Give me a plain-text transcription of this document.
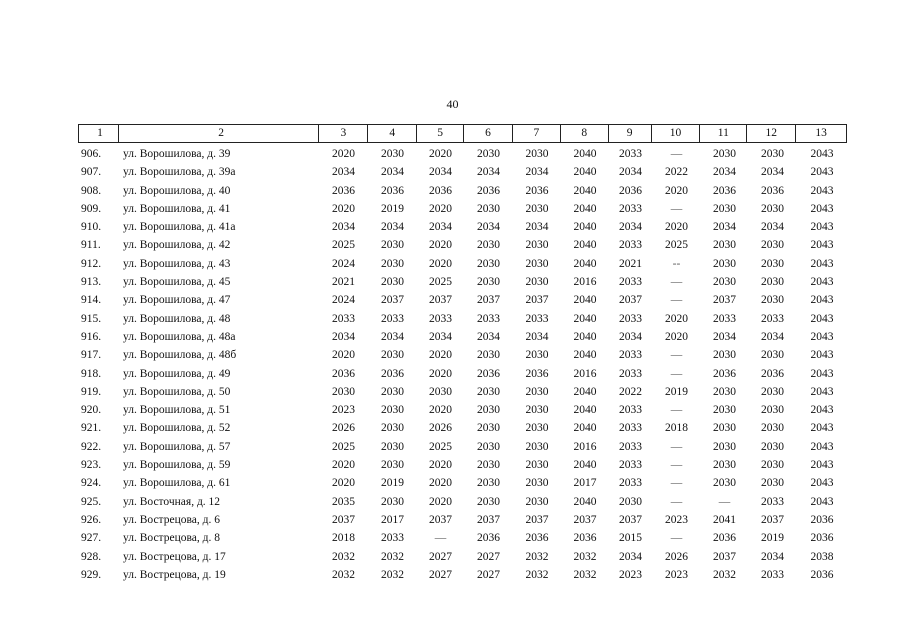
40
1	2	3	4	5	6	7	8	9	10	11	12	13
906.	ул. Ворошилова, д. 39	2020	2030	2020	2030	2030	2040	2033	—	2030	2030	2043
907.	ул. Ворошилова, д. 39а	2034	2034	2034	2034	2034	2040	2034	2022	2034	2034	2043
908.	ул. Ворошилова, д. 40	2036	2036	2036	2036	2036	2040	2036	2020	2036	2036	2043
909.	ул. Ворошилова, д. 41	2020	2019	2020	2030	2030	2040	2033	—	2030	2030	2043
910.	ул. Ворошилова, д. 41а	2034	2034	2034	2034	2034	2040	2034	2020	2034	2034	2043
911.	ул. Ворошилова, д. 42	2025	2030	2020	2030	2030	2040	2033	2025	2030	2030	2043
912.	ул. Ворошилова, д. 43	2024	2030	2020	2030	2030	2040	2021	--	2030	2030	2043
913.	ул. Ворошилова, д. 45	2021	2030	2025	2030	2030	2016	2033	—	2030	2030	2043
914.	ул. Ворошилова, д. 47	2024	2037	2037	2037	2037	2040	2037	—	2037	2030	2043
915.	ул. Ворошилова, д. 48	2033	2033	2033	2033	2033	2040	2033	2020	2033	2033	2043
916.	ул. Ворошилова, д. 48а	2034	2034	2034	2034	2034	2040	2034	2020	2034	2034	2043
917.	ул. Ворошилова, д. 48б	2020	2030	2020	2030	2030	2040	2033	—	2030	2030	2043
918.	ул. Ворошилова, д. 49	2036	2036	2020	2036	2036	2016	2033	—	2036	2036	2043
919.	ул. Ворошилова, д. 50	2030	2030	2030	2030	2030	2040	2022	2019	2030	2030	2043
920.	ул. Ворошилова, д. 51	2023	2030	2020	2030	2030	2040	2033	—	2030	2030	2043
921.	ул. Ворошилова, д. 52	2026	2030	2026	2030	2030	2040	2033	2018	2030	2030	2043
922.	ул. Ворошилова, д. 57	2025	2030	2025	2030	2030	2016	2033	—	2030	2030	2043
923.	ул. Ворошилова, д. 59	2020	2030	2020	2030	2030	2040	2033	—	2030	2030	2043
924.	ул. Ворошилова, д. 61	2020	2019	2020	2030	2030	2017	2033	—	2030	2030	2043
925.	ул. Восточная, д. 12	2035	2030	2020	2030	2030	2040	2030	—	—	2033	2043
926.	ул. Вострецова, д. 6	2037	2017	2037	2037	2037	2037	2037	2023	2041	2037	2036
927.	ул. Вострецова, д. 8	2018	2033	—	2036	2036	2036	2015	—	2036	2019	2036
928.	ул. Вострецова, д. 17	2032	2032	2027	2027	2032	2032	2034	2026	2037	2034	2038
929.	ул. Вострецова, д. 19	2032	2032	2027	2027	2032	2032	2023	2023	2032	2033	2036
